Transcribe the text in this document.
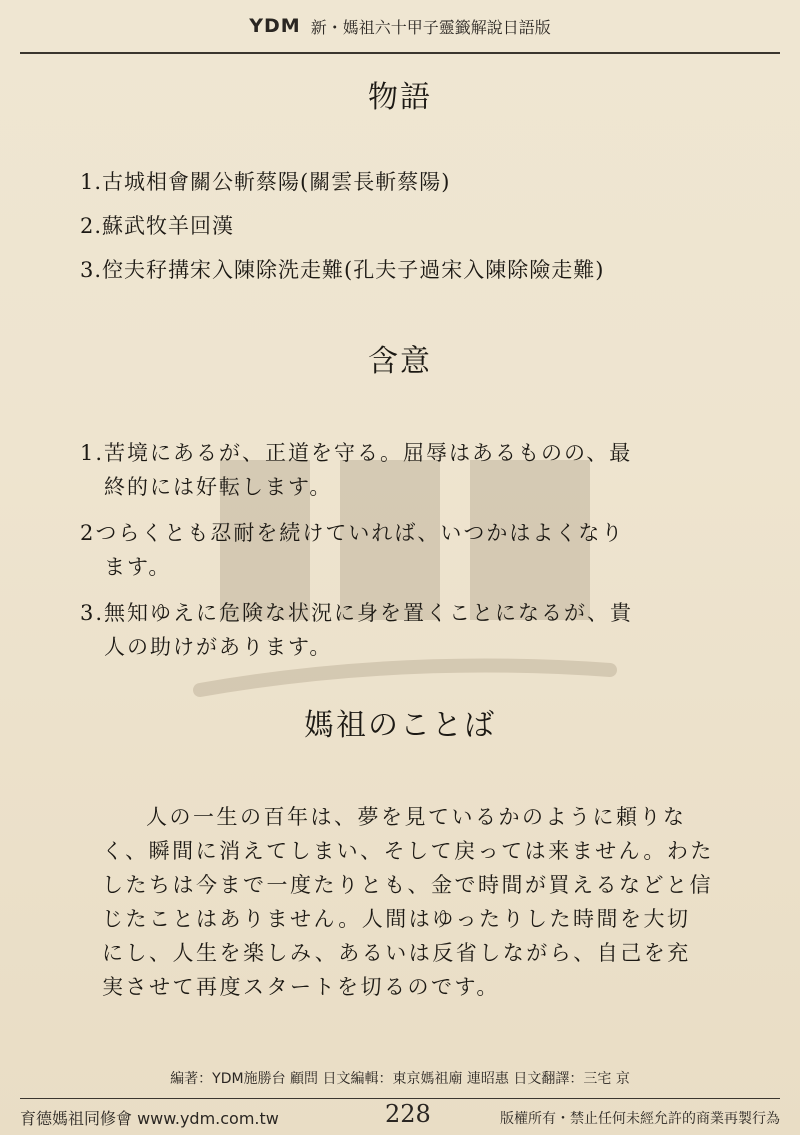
YDM 新・媽祖六十甲子靈籤解說日語版
物語
1.古城相會關公斬蔡陽(關雲長斬蔡陽)
2.蘇武牧羊回漢
3.倥夫秄搆宋入陳除洗走難(孔夫子過宋入陳除險走難)
含意
1.苦境にあるが、正道を守る。屈辱はあるものの、最
終的には好転します。
2つらくとも忍耐を続けていれば、いつかはよくなり
ます。
3.無知ゆえに危険な状況に身を置くことになるが、貴
人の助けがあります。
媽祖のことば

人の一生の百年は、夢を見ているかのように頼りなく、瞬間に消えてしまい、そして戻っては来ません。わたしたちは今まで一度たりとも、金で時間が買えるなどと信じたことはありません。人間はゆったりした時間を大切にし、人生を楽しみ、あるいは反省しながら、自己を充実させて再度スタートを切るのです。

編著：YDM施勝台 顧問 日文編輯：東京媽祖廟 連昭惠 日文翻譯：三宅 京
育德媽祖同修會 www.ydm.com.tw	228	版權所有・禁止任何未經允許的商業再製行為
